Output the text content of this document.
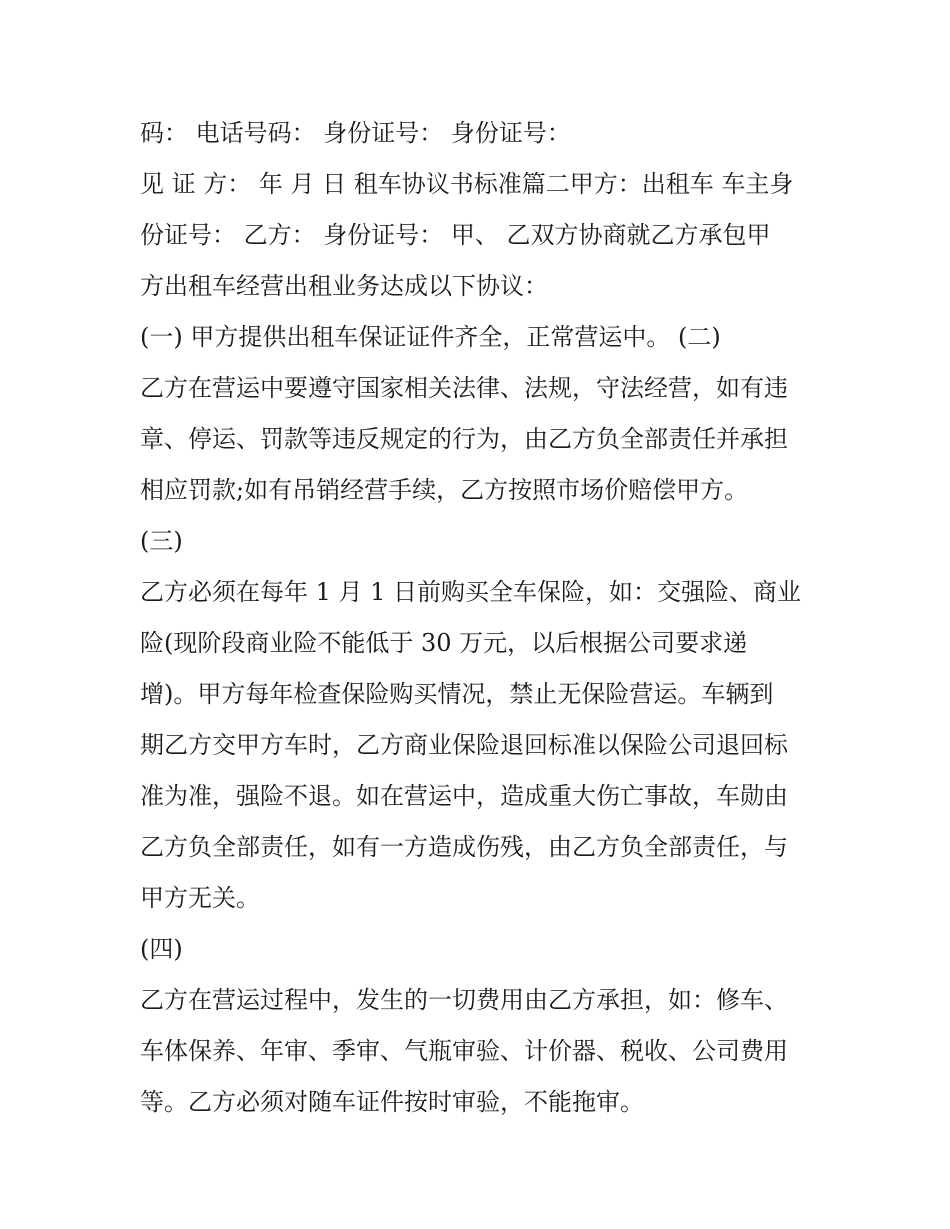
码： 电话号码： 身份证号： 身份证号：
见 证 方： 年 月 日 租车协议书标准篇二甲方：出租车 车主身
份证号： 乙方： 身份证号： 甲、 乙双方协商就乙方承包甲
方出租车经营出租业务达成以下协议：
(一) 甲方提供出租车保证证件齐全，正常营运中。 (二)
乙方在营运中要遵守国家相关法律、法规，守法经营，如有违
章、停运、罚款等违反规定的行为，由乙方负全部责任并承担
相应罚款;如有吊销经营手续，乙方按照市场价赔偿甲方。
(三)
乙方必须在每年 1 月 1 日前购买全车保险，如：交强险、商业
险(现阶段商业险不能低于 30 万元，以后根据公司要求递
增)。甲方每年检查保险购买情况，禁止无保险营运。车辆到
期乙方交甲方车时，乙方商业保险退回标准以保险公司退回标
准为准，强险不退。如在营运中，造成重大伤亡事故，车勋由
乙方负全部责任，如有一方造成伤残，由乙方负全部责任，与
甲方无关。
(四)
乙方在营运过程中，发生的一切费用由乙方承担，如：修车、
车体保养、年审、季审、气瓶审验、计价器、税收、公司费用
等。乙方必须对随车证件按时审验，不能拖审。
